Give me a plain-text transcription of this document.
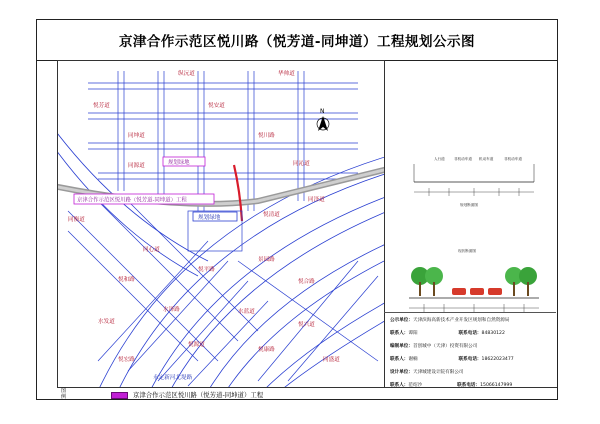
京津合作示范区悦川路（悦芳道-同坤道）工程规划公示图
N
纵沅道	华帅道
悦芳道	悦安道
同坤道	悦川路
同源道	同沁道
同泽道
悦清道
同衡道
同心道
景园路
悦平路
悦和路	悦合路
水泽路
水发道
水蓝道
悦兴道
悦源道
悦康路
悦宏路	同盛道
永定新河北堤路
京津合作示范区悦川路（悦芳道-同坤道）工程
规划绿地
规划绿地
人行道	非机动车道 机动车道	非机动车道
规划断面图
现状断面图
公示单位：天津滨海高新技术产业开发区规划和自然资源局
联系人：谭阳	联系电话：84830122
编制单位：首创城中（天津）投资有限公司
联系人：谢楠	联系电话：18622023477
设计单位：天津城建设计院有限公司
联系人：范绍沙	联系电话：15066147999
图例	京津合作示范区悦川路（悦芳道-同坤道）工程
